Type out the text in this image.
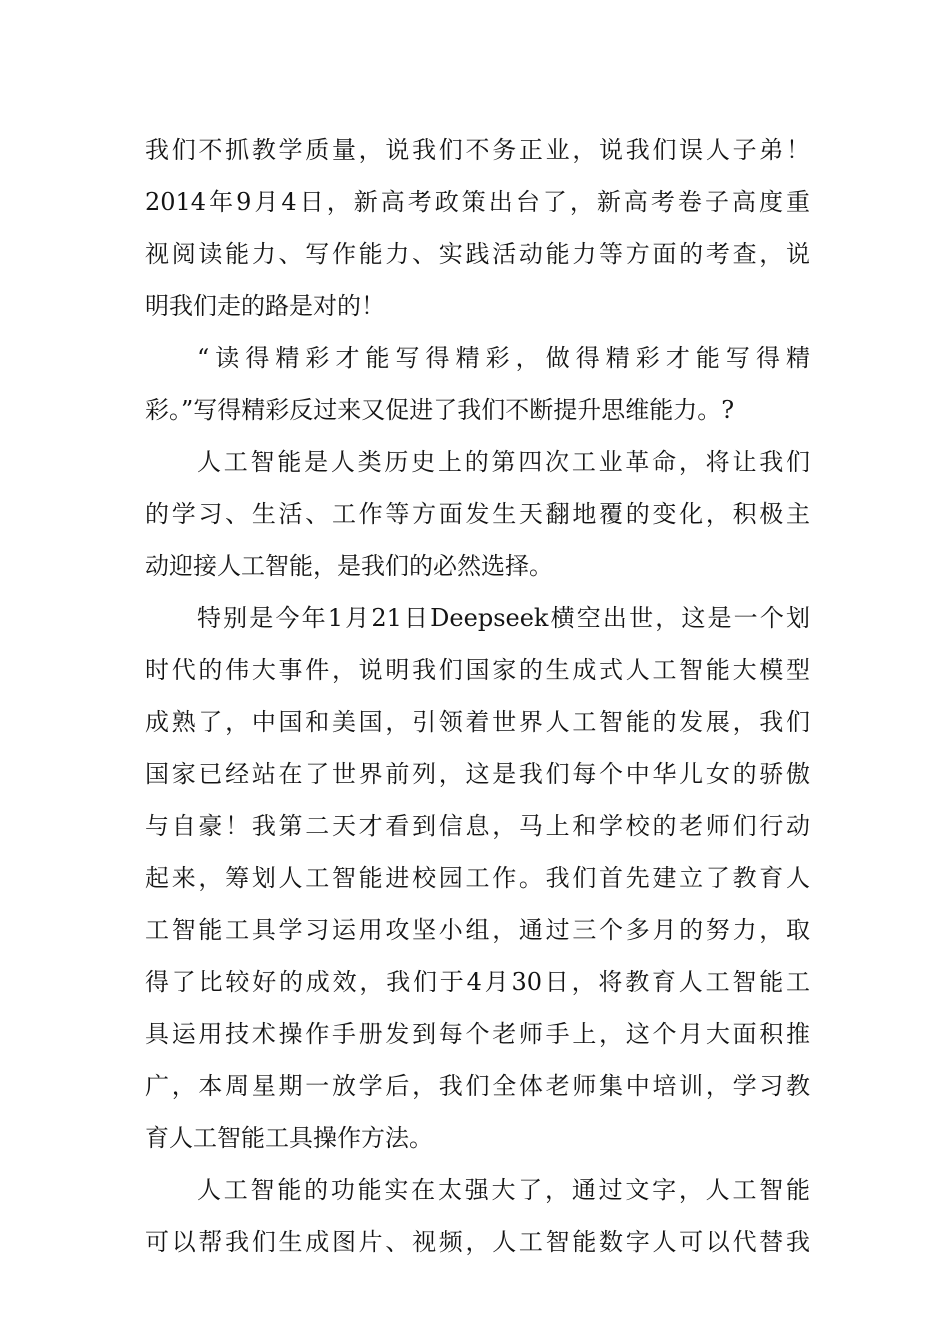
我们不抓教学质量，说我们不务正业，说我们误人子弟！
2014年9月4日，新高考政策出台了，新高考卷子高度重
视阅读能力、写作能力、实践活动能力等方面的考查，说
明我们走的路是对的！
“读得精彩才能写得精彩，做得精彩才能写得精
彩。”写得精彩反过来又促进了我们不断提升思维能力。?
人工智能是人类历史上的第四次工业革命，将让我们
的学习、生活、工作等方面发生天翻地覆的变化，积极主
动迎接人工智能，是我们的必然选择。
特别是今年1月21日Deepseek横空出世，这是一个划
时代的伟大事件，说明我们国家的生成式人工智能大模型
成熟了，中国和美国，引领着世界人工智能的发展，我们
国家已经站在了世界前列，这是我们每个中华儿女的骄傲
与自豪！我第二天才看到信息，马上和学校的老师们行动
起来，筹划人工智能进校园工作。我们首先建立了教育人
工智能工具学习运用攻坚小组，通过三个多月的努力，取
得了比较好的成效，我们于4月30日，将教育人工智能工
具运用技术操作手册发到每个老师手上，这个月大面积推
广，本周星期一放学后，我们全体老师集中培训，学习教
育人工智能工具操作方法。
人工智能的功能实在太强大了，通过文字，人工智能
可以帮我们生成图片、视频，人工智能数字人可以代替我
